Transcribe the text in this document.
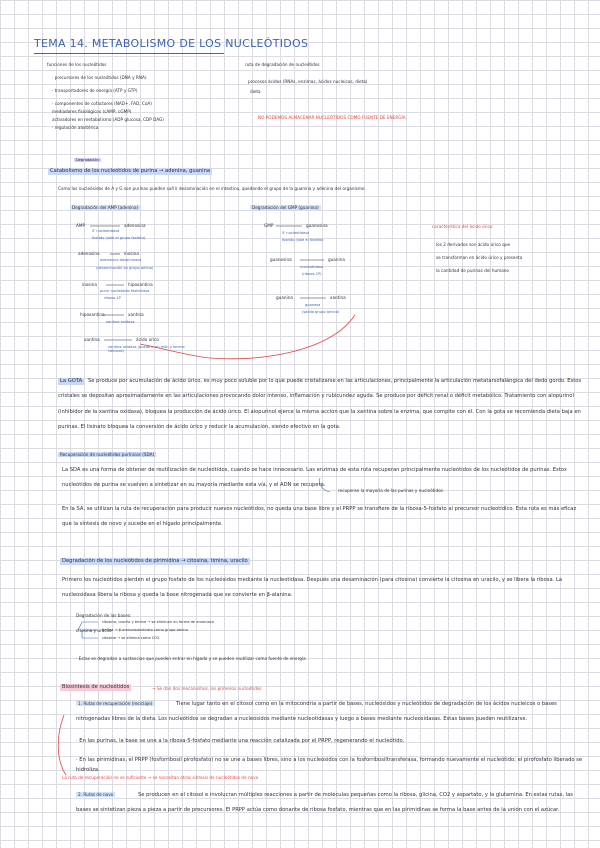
TEMA 14. METABOLISMO DE LOS NUCLEÓTIDOS
funciones de los nucleótidos
· precursores de los nucleótidos (DNA y RNA)
· transportadores de energía (ATP y GTP)
· componentes de cofactores (NAD+, FAD, CoA)
mediadores fisiológicos (cAMP, cGMP)
activadores en metabolismo (ADP glucosa, CDP DAG)
· regulación alostérica
ruta de degradación de nucleótidos
procesos ácidos (RNAs, enzimas, ácidos nucleicos, dieta)
dieta
NO PODEMOS ALMACENAR NUCLEÓTIDOS COMO FUENTE DE ENERGÍA
Degradación
Catabolismo de los nucleótidos de purina → adenina, guanina
Como los nucleósidos de A y G son purinas pueden sufrir desaminación en el intestino, quedando el grupo de la guanina y adenina del organismo.
Degradación del AMP (adenina)	Degradación del GMP (guanina)
AMP	adenosina
5' nucleotidasa
fosfato (sale el grupo fosfato)
adenosina	inosina
adenosina desaminasa
(desaminación en grupo amino)
inosina	hipoxantina
purin nucleósido fosforilasa
ribosa-1P
hipoxantina	xantina
xantina oxidasa
xantina	ácido úrico
xantina oxidasa (puede ir al riñón y formar cálculos)
GMP	guanosina
5' nucleotidasa
fosfato (sale el fosfato)
guanosina	guanina
nucleotidasa
(ribosa-1P)
guanina	xantina
guanasa
(salida grupo amino)
característica del ácido úrico
los 2 derivados son ácido úrico que
se transforman en ácido úrico y presenta
la cantidad de purinas del humano
La GOTA	Se produce por acumulación de ácido úrico, es muy poco soluble por lo que puede cristalizarse en las articulaciones, principalmente la articulación metatarsofalángica del dedo gordo. Estos cristales se depositan aproximadamente en las articulaciones provocando dolor intenso, inflamación y rubicundez aguda. Se produce por déficit renal o déficit metabólico. Tratamiento con alopurinol (inhibidor de la xantina oxidasa), bloquea la producción de ácido úrico. El alopurinol ejerce la misma acción que la xantina sobre la enzima, que compite con él. Con la gota se recomienda dieta baja en purinas. El lisinato bloquea la conversión de ácido úrico y reducir la acumulación, siendo efectivo en la gota.
Recuperación de nucleótidos purínicos (SDA)
La SDA es una forma de obtener de reutilización de nucleótidos, cuando se hace innecesario. Las enzimas de esta ruta recuperan principalmente nucleótidos de los nucleótidos de purinas. Estos nucleótidos de purina se vuelven a sintetizar en su mayoría mediante esta vía, y el ADN se recupera.
recuperan la mayoría de las purinas y nucleótidos
En la SA, se utilizan la ruta de recuperación para producir nuevos nucleótidos, no queda una base libre y el PRPP se transfiere de la ribosa-5-fosfato al precursor nucleotídico. Esta ruta es más eficaz que la síntesis de novo y sucede en el hígado principalmente.
Degradación de los nucleótidos de pirimidina → citosina, timina, uracilo
Primero los nucleótidos pierden el grupo fosfato de los nucleósidos mediante la nucleotidasa. Después una desaminación (para citosina) convierte la citosina en uracilo, y se libera la ribosa. La nucleosidasa libera la ribosa y queda la base nitrogenada que se convierte en β-alanina.
Degradación de las bases:
citosina y uracilo
citosina, uracilo y timina → se eliminan en forma de amoniaco
timina → β-aminoisobutirato como grupo amino
citosina → se elimina como CO2
· Estas se degradan a sustancias que pueden entrar en hígado y se pueden reutilizar como fuente de energía
Biosíntesis de nucleótidos	→ Se dan dos mecanismos, los primeros nucleótidos
1. Rutas de recuperación (reciclaje)	Tiene lugar tanto en el citosol como en la mitocondria a partir de bases, nucleósidos y nucleótidos de degradación de los ácidos nucleicos o bases nitrogenadas libres de la dieta. Los nucleótidos se degradan a nucleósidos mediante nucleotidasas y luego a bases mediante nucleosidasas. Estas bases pueden reutilizarse.
· En las purinas, la base se une a la ribosa-5-fosfato mediante una reacción catalizada por el PRPP, regenerando el nucleótido.
· En las pirimidinas, el PRPP (fosforribosil pirofosfato) no se une a bases libres, sino a los nucleósidos con la fosforribosiltransferasa, formando nuevamente el nucleótido; el pirofosfato liberado se hidroliza.
La ruta de recuperación no es suficiente → se necesitan otras síntesis de nucleótidos de novo
2. Rutas de novo	Se producen en el citosol e involucran múltiples reacciones a partir de moléculas pequeñas como la ribosa, glicina, CO2 y aspartato, y la glutamina. En estas rutas, las bases se sintetizan pieza a pieza a partir de precursores. El PRPP actúa como donante de ribosa fosfato, mientras que en las pirimidinas se forma la base antes de la unión con el azúcar.
